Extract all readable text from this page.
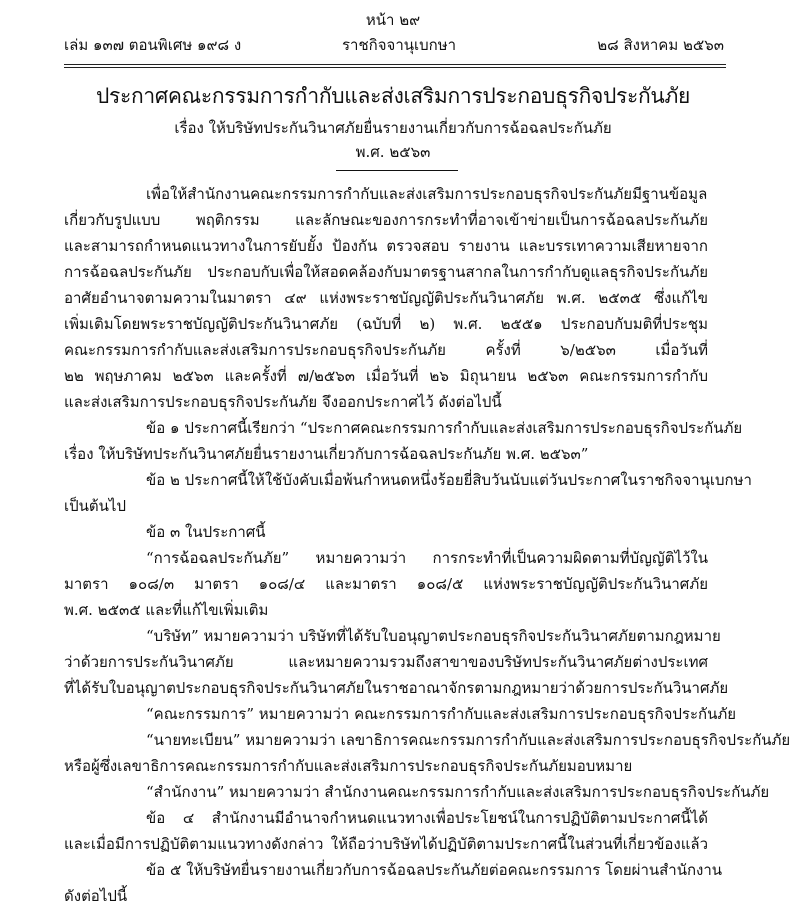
หน้า ๒๙
เล่ม ๑๓๗ ตอนพิเศษ ๑๙๘ ง	ราชกิจจานุเบกษา	๒๘ สิงหาคม ๒๕๖๓
ประกาศคณะกรรมการกำกับและส่งเสริมการประกอบธุรกิจประกันภัย
เรื่อง ให้บริษัทประกันวินาศภัยยื่นรายงานเกี่ยวกับการฉ้อฉลประกันภัย
พ.ศ. ๒๕๖๓
เพื่อให้สำนักงานคณะกรรมการกำกับและส่งเสริมการประกอบธุรกิจประกันภัยมีฐานข้อมูล
เกี่ยวกับรูปแบบ พฤติกรรม และลักษณะของการกระทำที่อาจเข้าข่ายเป็นการฉ้อฉลประกันภัย
และสามารถกำหนดแนวทางในการยับยั้ง ป้องกัน ตรวจสอบ รายงาน และบรรเทาความเสียหายจาก
การฉ้อฉลประกันภัย ประกอบกับเพื่อให้สอดคล้องกับมาตรฐานสากลในการกำกับดูแลธุรกิจประกันภัย
อาศัยอำนาจตามความในมาตรา ๔๙ แห่งพระราชบัญญัติประกันวินาศภัย พ.ศ. ๒๕๓๕ ซึ่งแก้ไข
เพิ่มเติมโดยพระราชบัญญัติประกันวินาศภัย (ฉบับที่ ๒) พ.ศ. ๒๕๕๑ ประกอบกับมติที่ประชุม
คณะกรรมการกำกับและส่งเสริมการประกอบธุรกิจประกันภัย ครั้งที่ ๖/๒๕๖๓ เมื่อวันที่
๒๒ พฤษภาคม ๒๕๖๓ และครั้งที่ ๗/๒๕๖๓ เมื่อวันที่ ๒๖ มิถุนายน ๒๕๖๓ คณะกรรมการกำกับ
และส่งเสริมการประกอบธุรกิจประกันภัย จึงออกประกาศไว้ ดังต่อไปนี้
ข้อ ๑ ประกาศนี้เรียกว่า “ประกาศคณะกรรมการกำกับและส่งเสริมการประกอบธุรกิจประกันภัย
เรื่อง ให้บริษัทประกันวินาศภัยยื่นรายงานเกี่ยวกับการฉ้อฉลประกันภัย พ.ศ. ๒๕๖๓”
ข้อ ๒ ประกาศนี้ให้ใช้บังคับเมื่อพ้นกำหนดหนึ่งร้อยยี่สิบวันนับแต่วันประกาศในราชกิจจานุเบกษา
เป็นต้นไป
ข้อ ๓ ในประกาศนี้
“การฉ้อฉลประกันภัย” หมายความว่า การกระทำที่เป็นความผิดตามที่บัญญัติไว้ใน
มาตรา ๑๐๘/๓ มาตรา ๑๐๘/๔ และมาตรา ๑๐๘/๕ แห่งพระราชบัญญัติประกันวินาศภัย
พ.ศ. ๒๕๓๕ และที่แก้ไขเพิ่มเติม
“บริษัท” หมายความว่า บริษัทที่ได้รับใบอนุญาตประกอบธุรกิจประกันวินาศภัยตามกฎหมาย
ว่าด้วยการประกันวินาศภัย และหมายความรวมถึงสาขาของบริษัทประกันวินาศภัยต่างประเทศ
ที่ได้รับใบอนุญาตประกอบธุรกิจประกันวินาศภัยในราชอาณาจักรตามกฎหมายว่าด้วยการประกันวินาศภัย
“คณะกรรมการ” หมายความว่า คณะกรรมการกำกับและส่งเสริมการประกอบธุรกิจประกันภัย
“นายทะเบียน” หมายความว่า เลขาธิการคณะกรรมการกำกับและส่งเสริมการประกอบธุรกิจประกันภัย
หรือผู้ซึ่งเลขาธิการคณะกรรมการกำกับและส่งเสริมการประกอบธุรกิจประกันภัยมอบหมาย
“สำนักงาน” หมายความว่า สำนักงานคณะกรรมการกำกับและส่งเสริมการประกอบธุรกิจประกันภัย
ข้อ ๔ สำนักงานมีอำนาจกำหนดแนวทางเพื่อประโยชน์ในการปฏิบัติตามประกาศนี้ได้
และเมื่อมีการปฏิบัติตามแนวทางดังกล่าว ให้ถือว่าบริษัทได้ปฏิบัติตามประกาศนี้ในส่วนที่เกี่ยวข้องแล้ว
ข้อ ๕ ให้บริษัทยื่นรายงานเกี่ยวกับการฉ้อฉลประกันภัยต่อคณะกรรมการ โดยผ่านสำนักงาน
ดังต่อไปนี้
